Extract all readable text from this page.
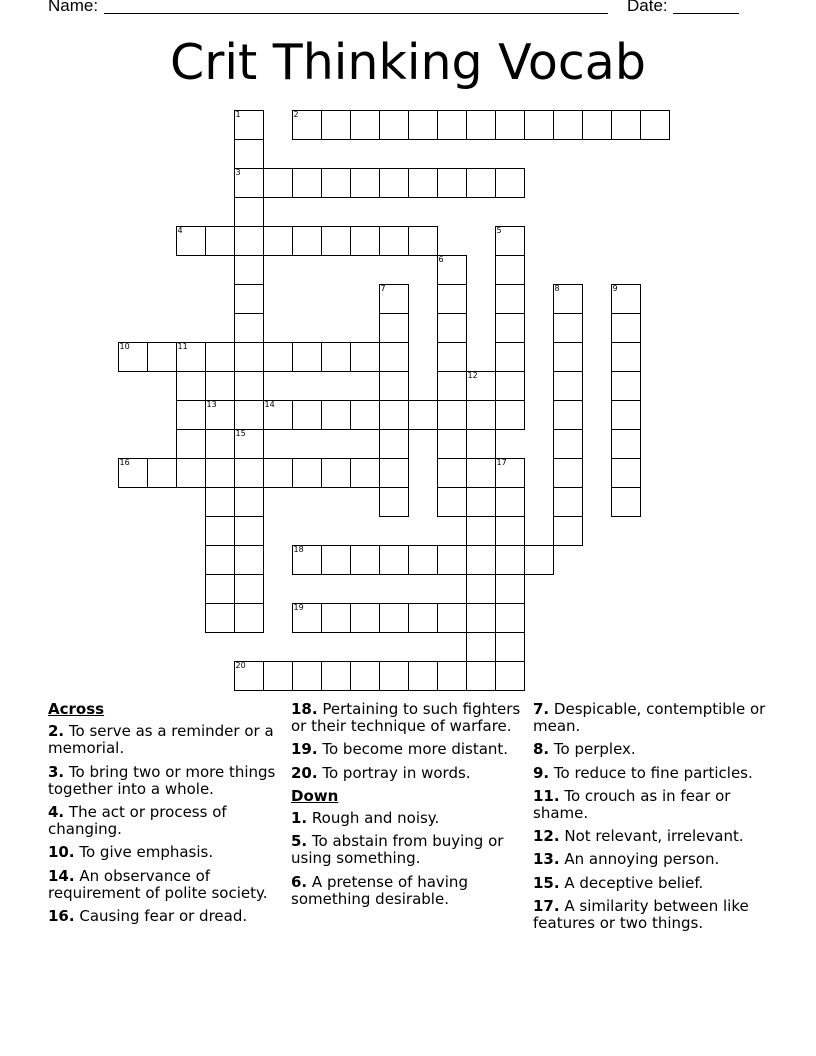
Name:	Date:
Crit Thinking Vocab
1	2
3
4	5
6
7	8	9
10	11
12
13	14
15
16	17
18
19
20
Across
2. To serve as a reminder or a memorial.
3. To bring two or more things together into a whole.
4. The act or process of changing.
10. To give emphasis.
14. An observance of requirement of polite society.
16. Causing fear or dread.
18. Pertaining to such fighters or their technique of warfare.
19. To become more distant.
20. To portray in words.
Down
1. Rough and noisy.
5. To abstain from buying or using something.
6. A pretense of having something desirable.
7. Despicable, contemptible or mean.
8. To perplex.
9. To reduce to fine particles.
11. To crouch as in fear or shame.
12. Not relevant, irrelevant.
13. An annoying person.
15. A deceptive belief.
17. A similarity between like features or two things.
